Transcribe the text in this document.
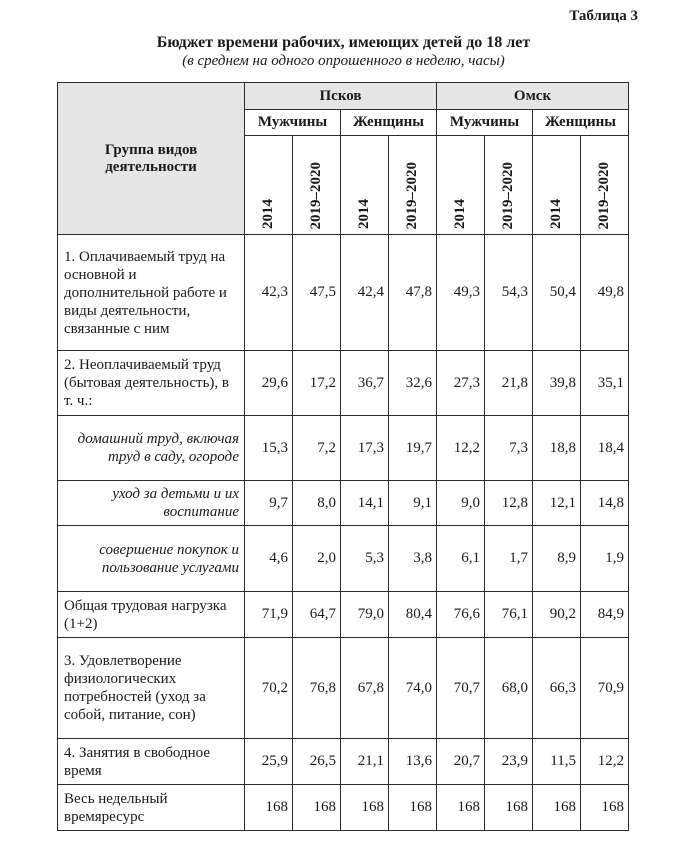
Таблица 3
Бюджет времени рабочих, имеющих детей до 18 лет
(в среднем на одного опрошенного в неделю, часы)
Группа видов деятельности	Псков				Омск			
	Мужчины		Женщины		Мужчины		Женщины	
	2014	2019–2020	2014	2019–2020	2014	2019–2020	2014	2019–2020
1. Оплачиваемый труд на основной и дополнительной работе и виды деятельности, связанные с ним	42,3	47,5	42,4	47,8	49,3	54,3	50,4	49,8
2. Неоплачиваемый труд (бытовая деятельность), в т. ч.:	29,6	17,2	36,7	32,6	27,3	21,8	39,8	35,1
домашний труд, включая труд в саду, огороде	15,3	7,2	17,3	19,7	12,2	7,3	18,8	18,4
уход за детьми и их воспитание	9,7	8,0	14,1	9,1	9,0	12,8	12,1	14,8
совершение покупок и пользование услугами	4,6	2,0	5,3	3,8	6,1	1,7	8,9	1,9
Общая трудовая нагрузка (1+2)	71,9	64,7	79,0	80,4	76,6	76,1	90,2	84,9
3. Удовлетворение физиологических потребностей (уход за собой, питание, сон)	70,2	76,8	67,8	74,0	70,7	68,0	66,3	70,9
4. Занятия в свободное время	25,9	26,5	21,1	13,6	20,7	23,9	11,5	12,2
Весь недельный времяресурс	168	168	168	168	168	168	168	168
